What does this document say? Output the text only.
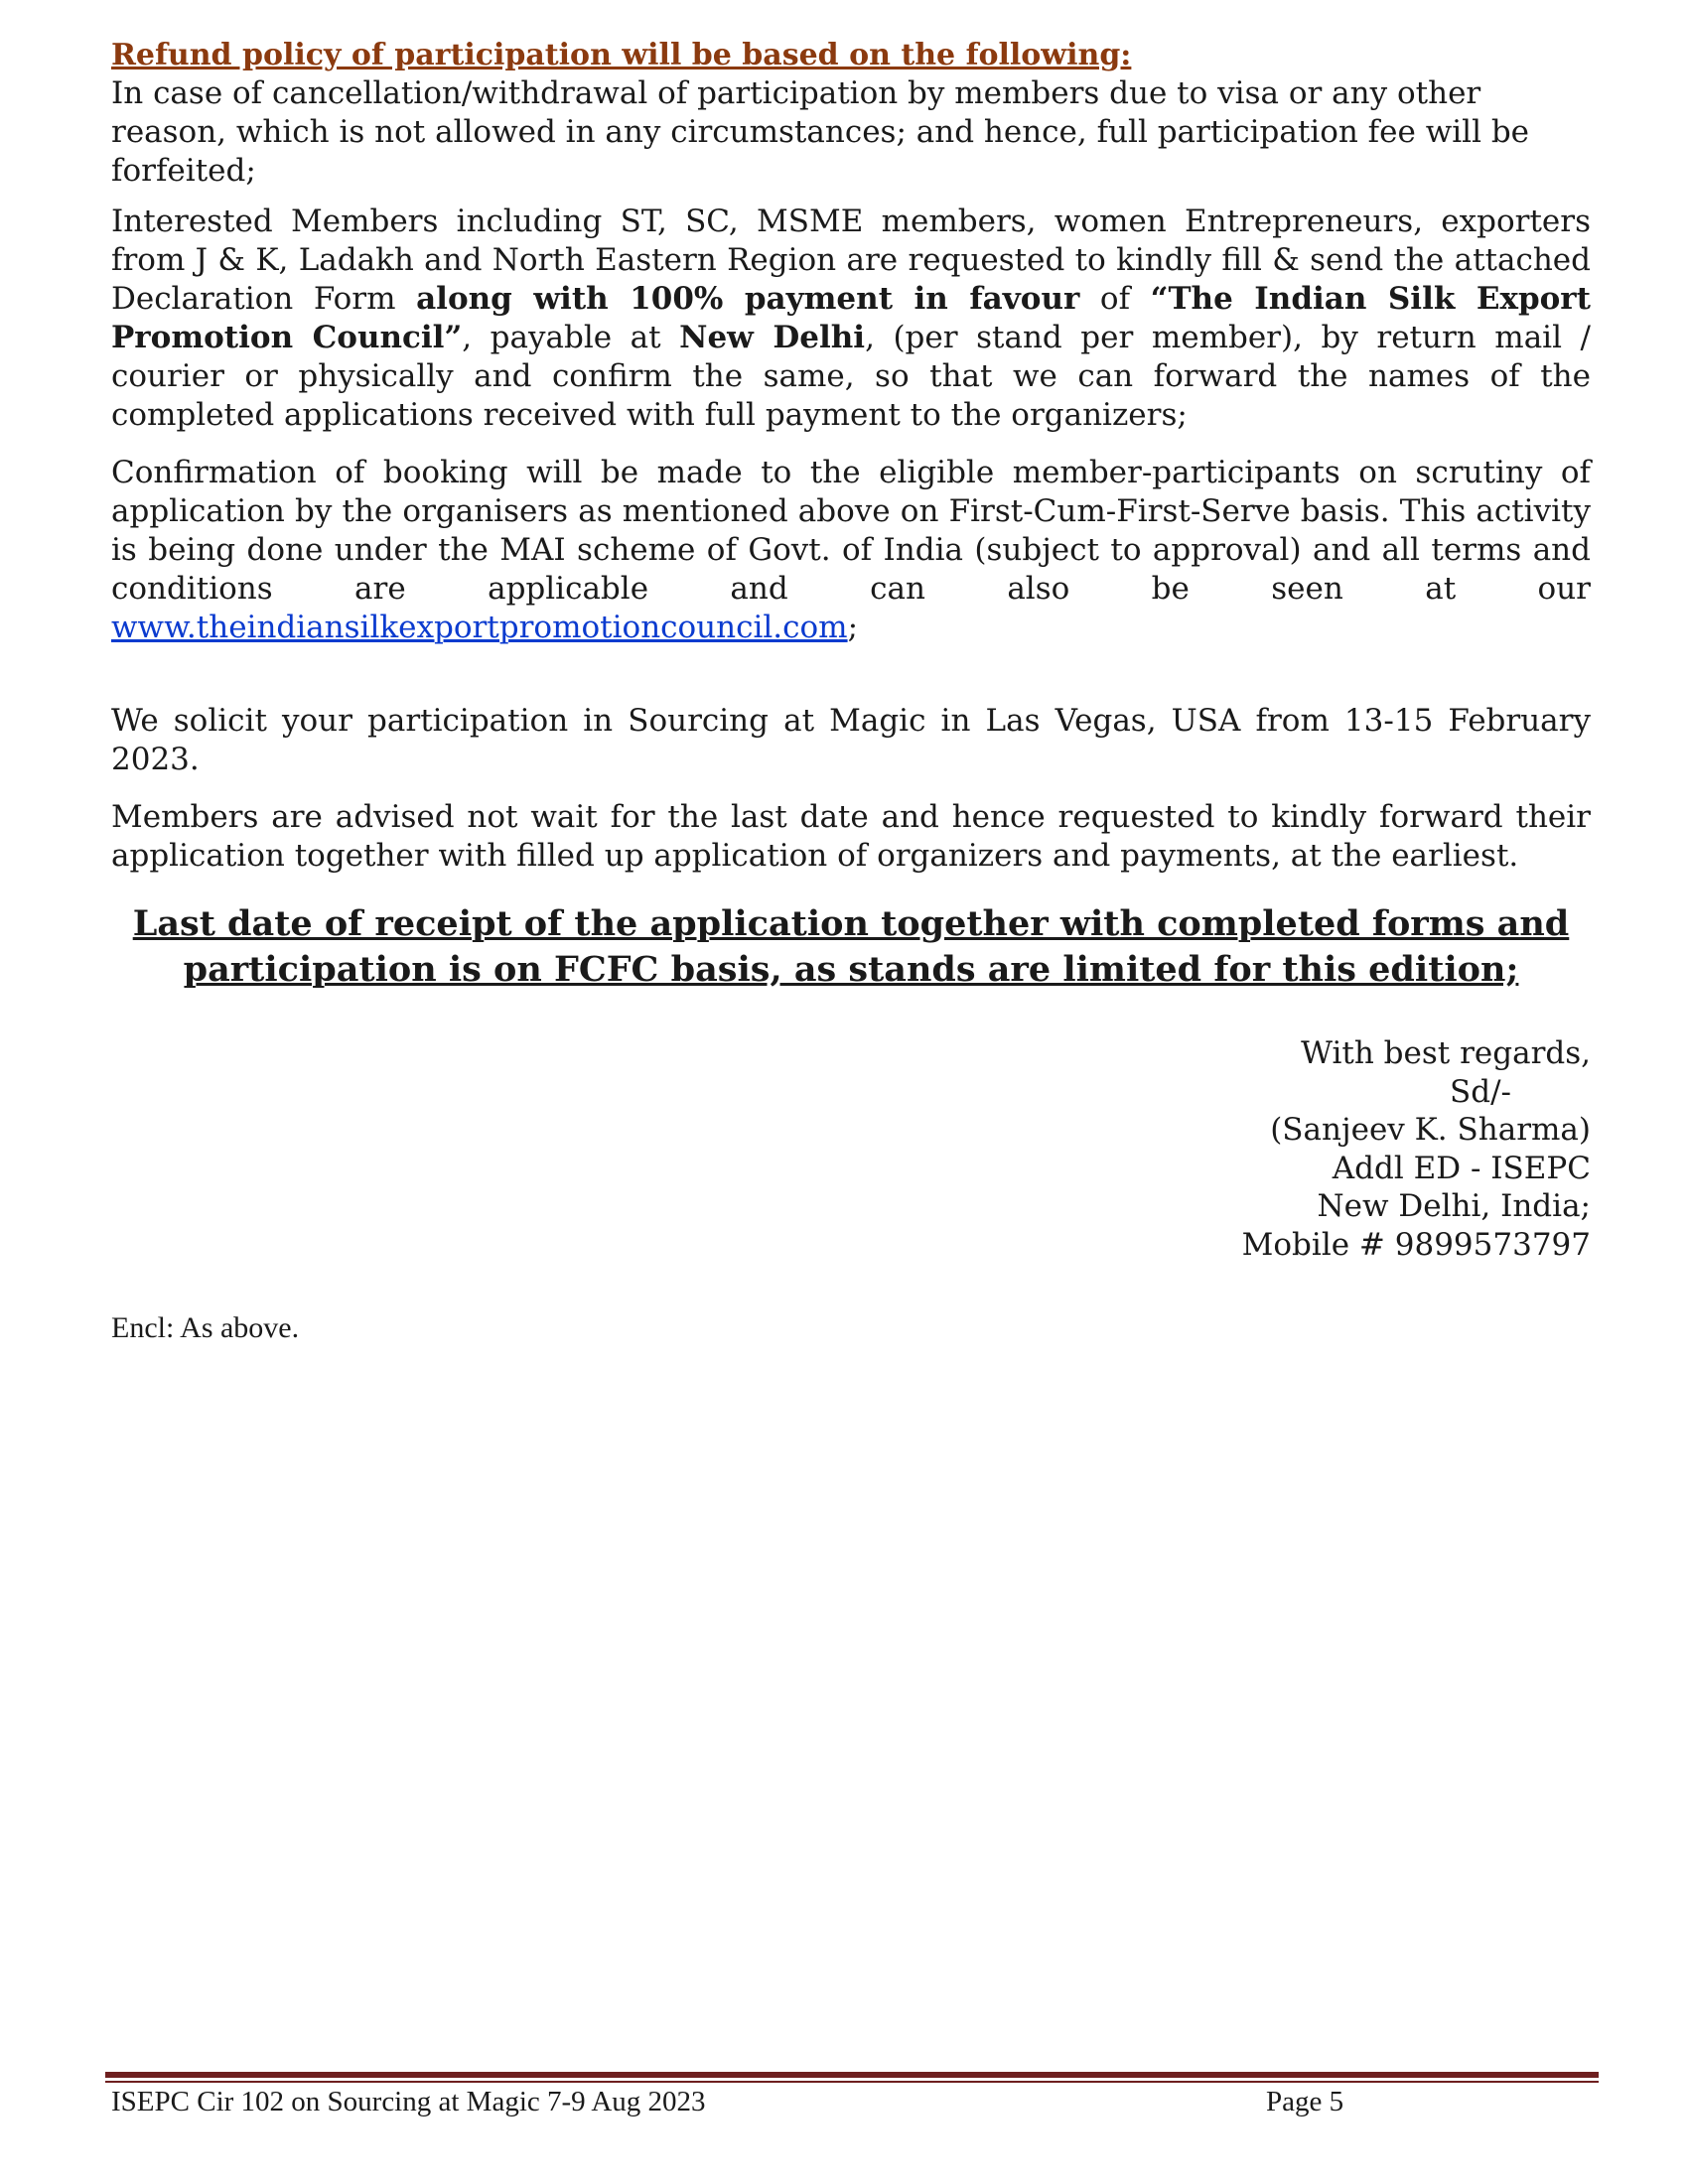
Refund policy of participation will be based on the following:

In case of cancellation/withdrawal of participation by members due to visa or any other reason, which is not allowed in any circumstances; and hence, full participation fee will be forfeited;

Interested Members including ST, SC, MSME members, women Entrepreneurs, exporters from J & K, Ladakh and North Eastern Region are requested to kindly fill & send the attached Declaration Form along with 100% payment in favour of “The Indian Silk Export Promotion Council”, payable at New Delhi, (per stand per member), by return mail / courier or physically and confirm the same, so that we can forward the names of the completed applications received with full payment to the organizers;

Confirmation of booking will be made to the eligible member-participants on scrutiny of application by the organisers as mentioned above on First-Cum-First-Serve basis. This activity is being done under the MAI scheme of Govt. of India (subject to approval) and all terms and conditions are applicable and can also be seen at our www.theindiansilkexportpromotioncouncil.com;

We solicit your participation in Sourcing at Magic in Las Vegas, USA from 13-15 February 2023.

Members are advised not wait for the last date and hence requested to kindly forward their application together with filled up application of organizers and payments, at the earliest.

Last date of receipt of the application together with completed forms and
participation is on FCFC basis, as stands are limited for this edition;
With best regards,
Sd/-
(Sanjeev K. Sharma)
Addl ED - ISEPC
New Delhi, India;
Mobile # 9899573797
Encl: As above.
ISEPC Cir 102 on Sourcing at Magic 7-9 Aug 2023	Page 5
